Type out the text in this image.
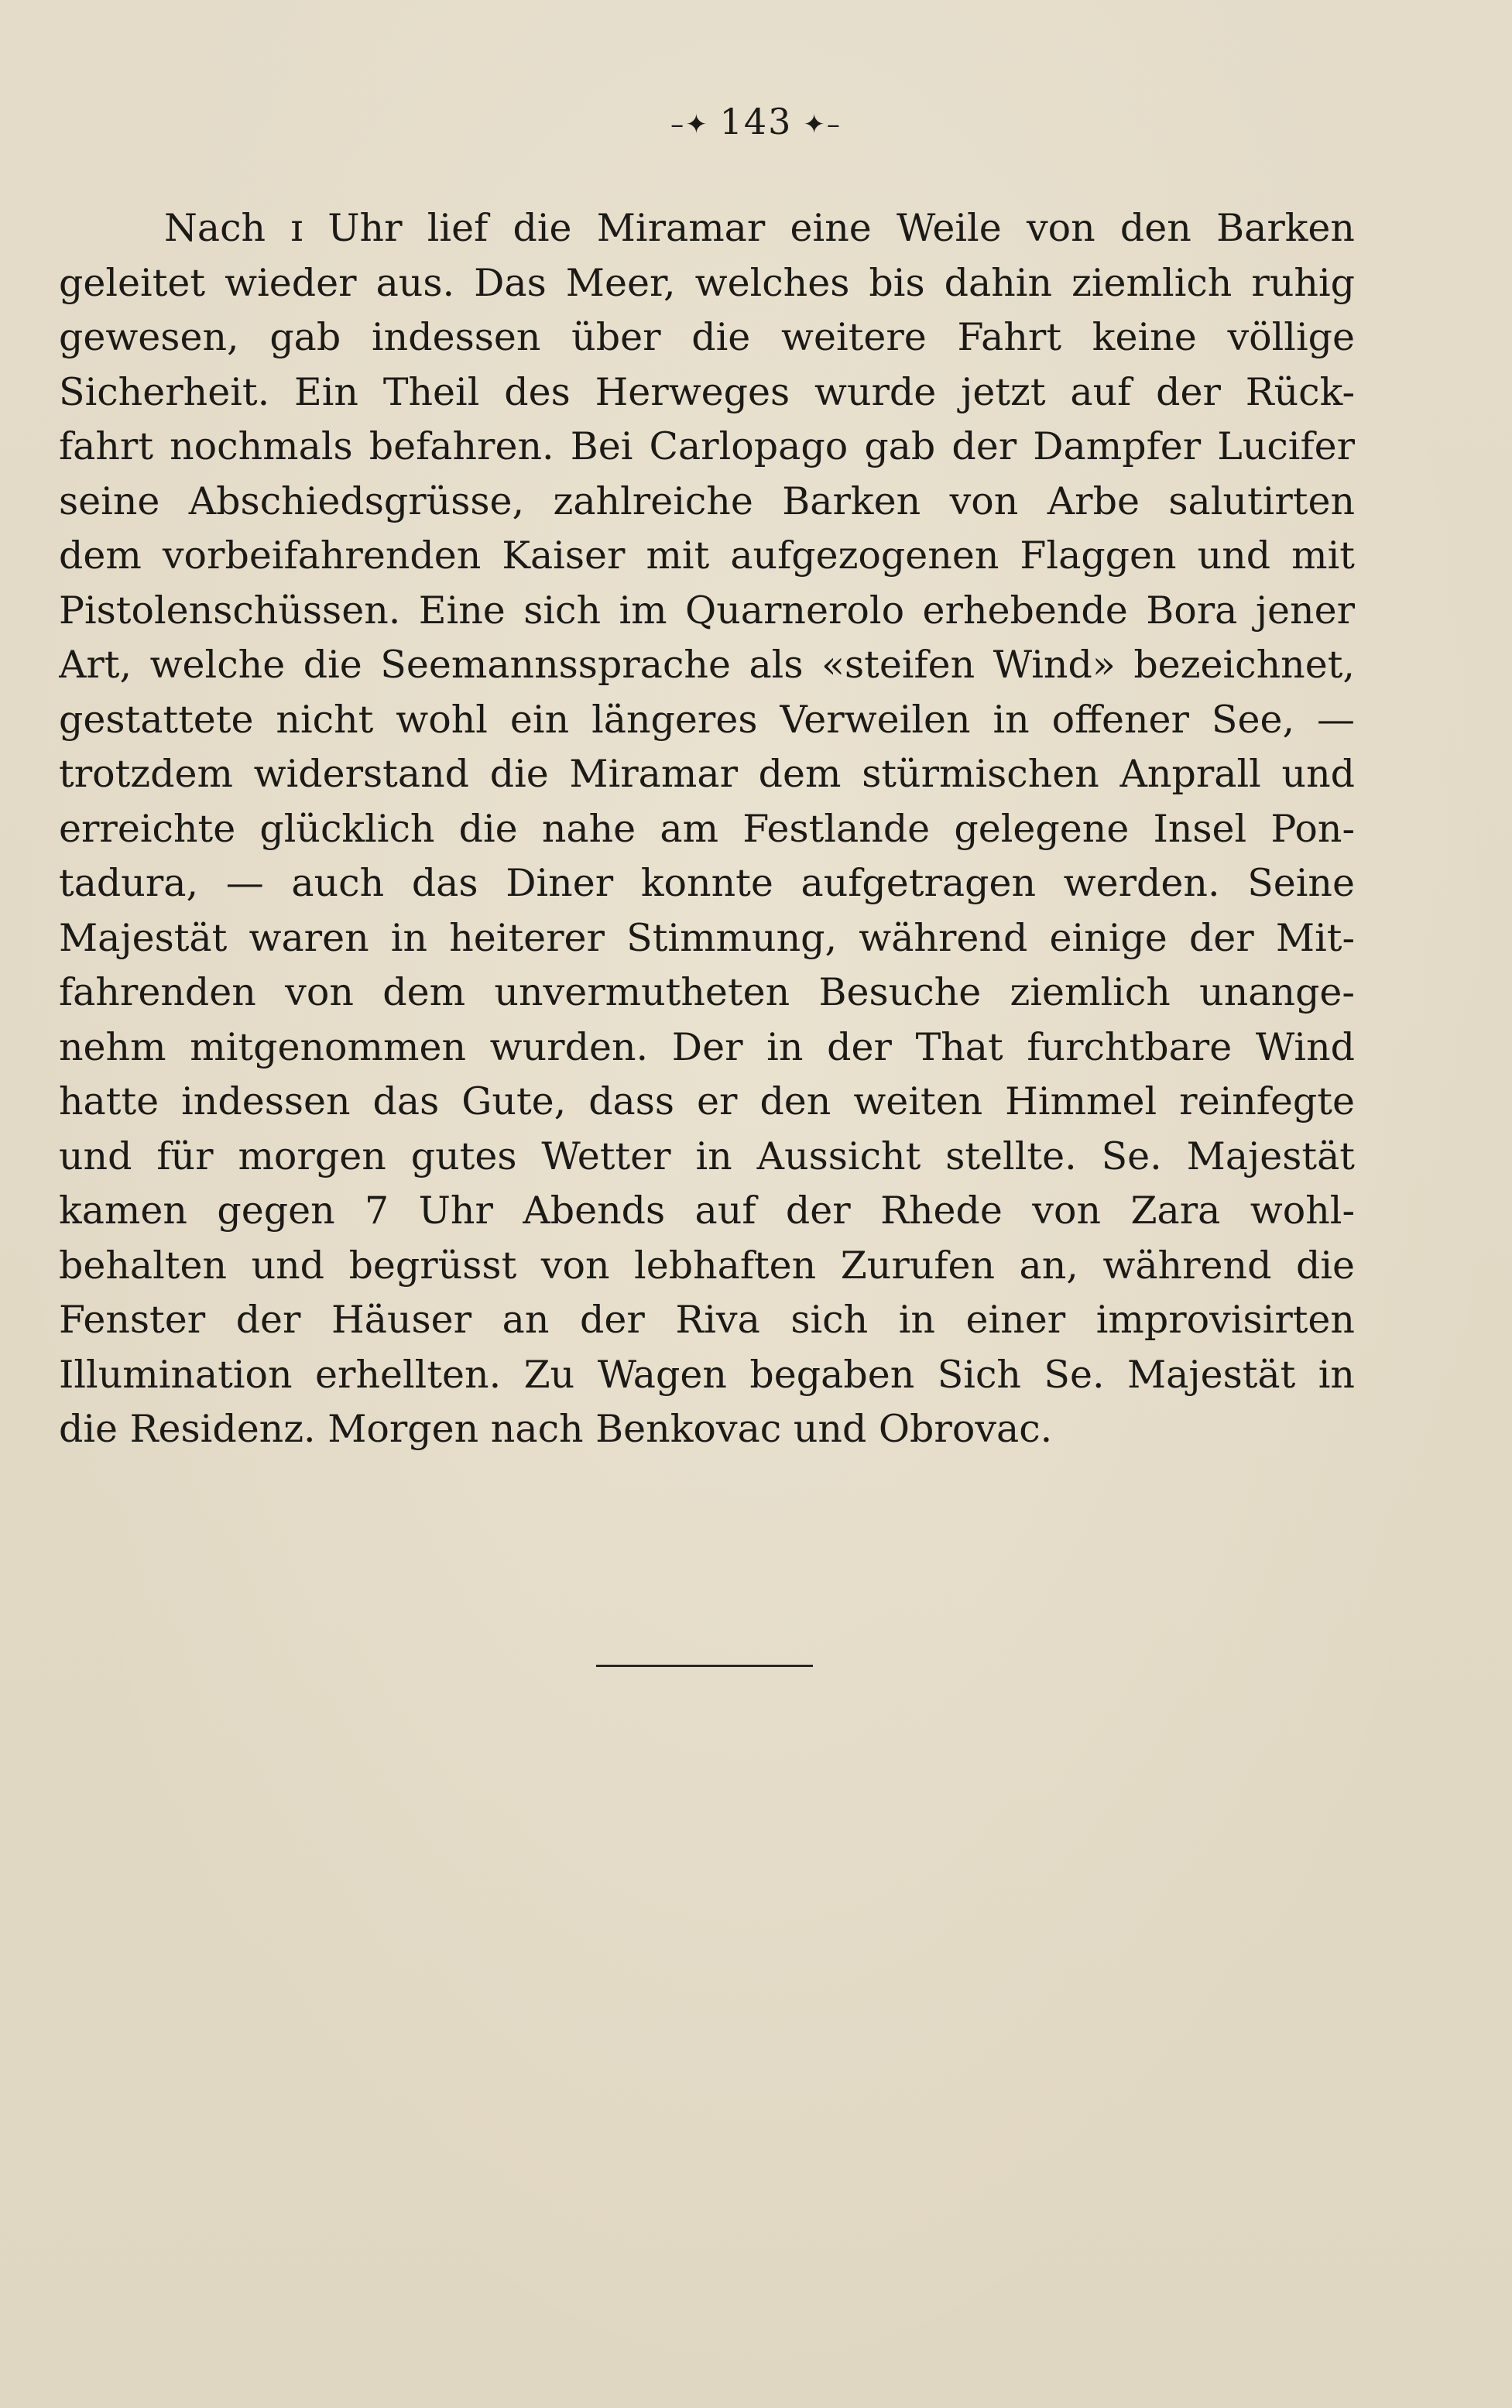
–✦ 143 ✦–
Nach ɪ Uhr lief die Miramar eine Weile von den Barken
geleitet wieder aus. Das Meer, welches bis dahin ziemlich ruhig
gewesen, gab indessen über die weitere Fahrt keine völlige
Sicherheit. Ein Theil des Herweges wurde jetzt auf der Rück-
fahrt nochmals befahren. Bei Carlopago gab der Dampfer Lucifer
seine Abschiedsgrüsse, zahlreiche Barken von Arbe salutirten
dem vorbeifahrenden Kaiser mit aufgezogenen Flaggen und mit
Pistolenschüssen. Eine sich im Quarnerolo erhebende Bora jener
Art, welche die Seemannssprache als «steifen Wind» bezeichnet,
gestattete nicht wohl ein längeres Verweilen in offener See, —
trotzdem widerstand die Miramar dem stürmischen Anprall und
erreichte glücklich die nahe am Festlande gelegene Insel Pon-
tadura, — auch das Diner konnte aufgetragen werden. Seine
Majestät waren in heiterer Stimmung, während einige der Mit-
fahrenden von dem unvermutheten Besuche ziemlich unange-
nehm mitgenommen wurden. Der in der That furchtbare Wind
hatte indessen das Gute, dass er den weiten Himmel reinfegte
und für morgen gutes Wetter in Aussicht stellte. Se. Majestät
kamen gegen 7 Uhr Abends auf der Rhede von Zara wohl-
behalten und begrüsst von lebhaften Zurufen an, während die
Fenster der Häuser an der Riva sich in einer improvisirten
Illumination erhellten. Zu Wagen begaben Sich Se. Majestät in
die Residenz. Morgen nach Benkovac und Obrovac.
